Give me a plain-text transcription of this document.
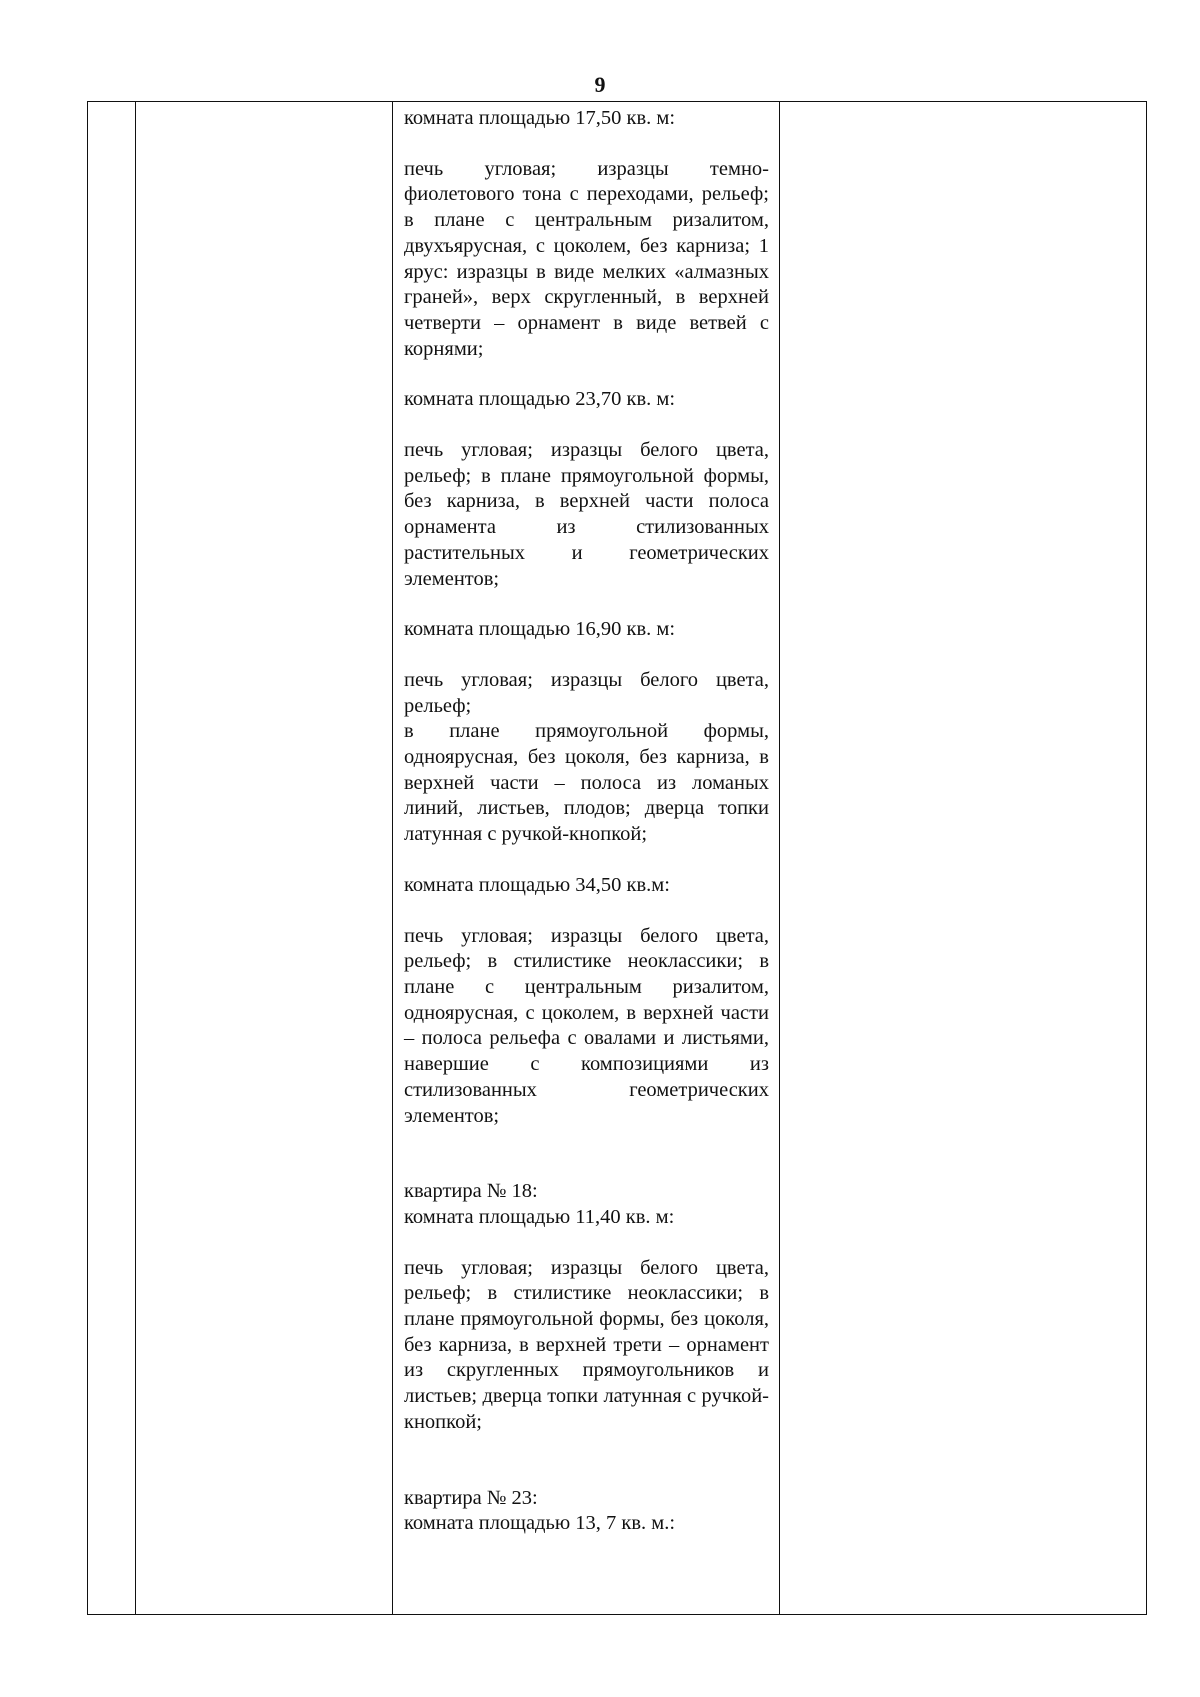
9

комната площадью 17,50 кв. м:

печь угловая; изразцы темно-фиолетового тона с переходами, рельеф; в плане с центральным ризалитом, двухъярусная, с цоколем, без карниза; 1 ярус: изразцы в виде мелких «алмазных граней», верх скругленный, в верхней четверти – орнамент в виде ветвей с корнями;

комната площадью 23,70 кв. м:

печь угловая; изразцы белого цвета, рельеф; в плане прямоугольной формы, без карниза, в верхней части полоса орнамента из стилизованных растительных и геометрических элементов;

комната площадью 16,90 кв. м:

печь угловая; изразцы белого цвета, рельеф;

в плане прямоугольной формы, одноярусная, без цоколя, без карниза, в верхней части – полоса из ломаных линий, листьев, плодов; дверца топки латунная с ручкой-кнопкой;

комната площадью 34,50 кв.м:

печь угловая; изразцы белого цвета, рельеф; в стилистике неоклассики; в плане с центральным ризалитом, одноярусная, с цоколем, в верхней части – полоса рельефа с овалами и листьями, навершие с композициями из стилизованных геометрических элементов;

квартира № 18:

комната площадью 11,40 кв. м:

печь угловая; изразцы белого цвета, рельеф; в стилистике неоклассики; в плане прямоугольной формы, без цоколя, без карниза, в верхней трети – орнамент из скругленных прямоугольников и листьев; дверца топки латунная с ручкой-кнопкой;

квартира № 23:

комната площадью 13, 7 кв. м.:
